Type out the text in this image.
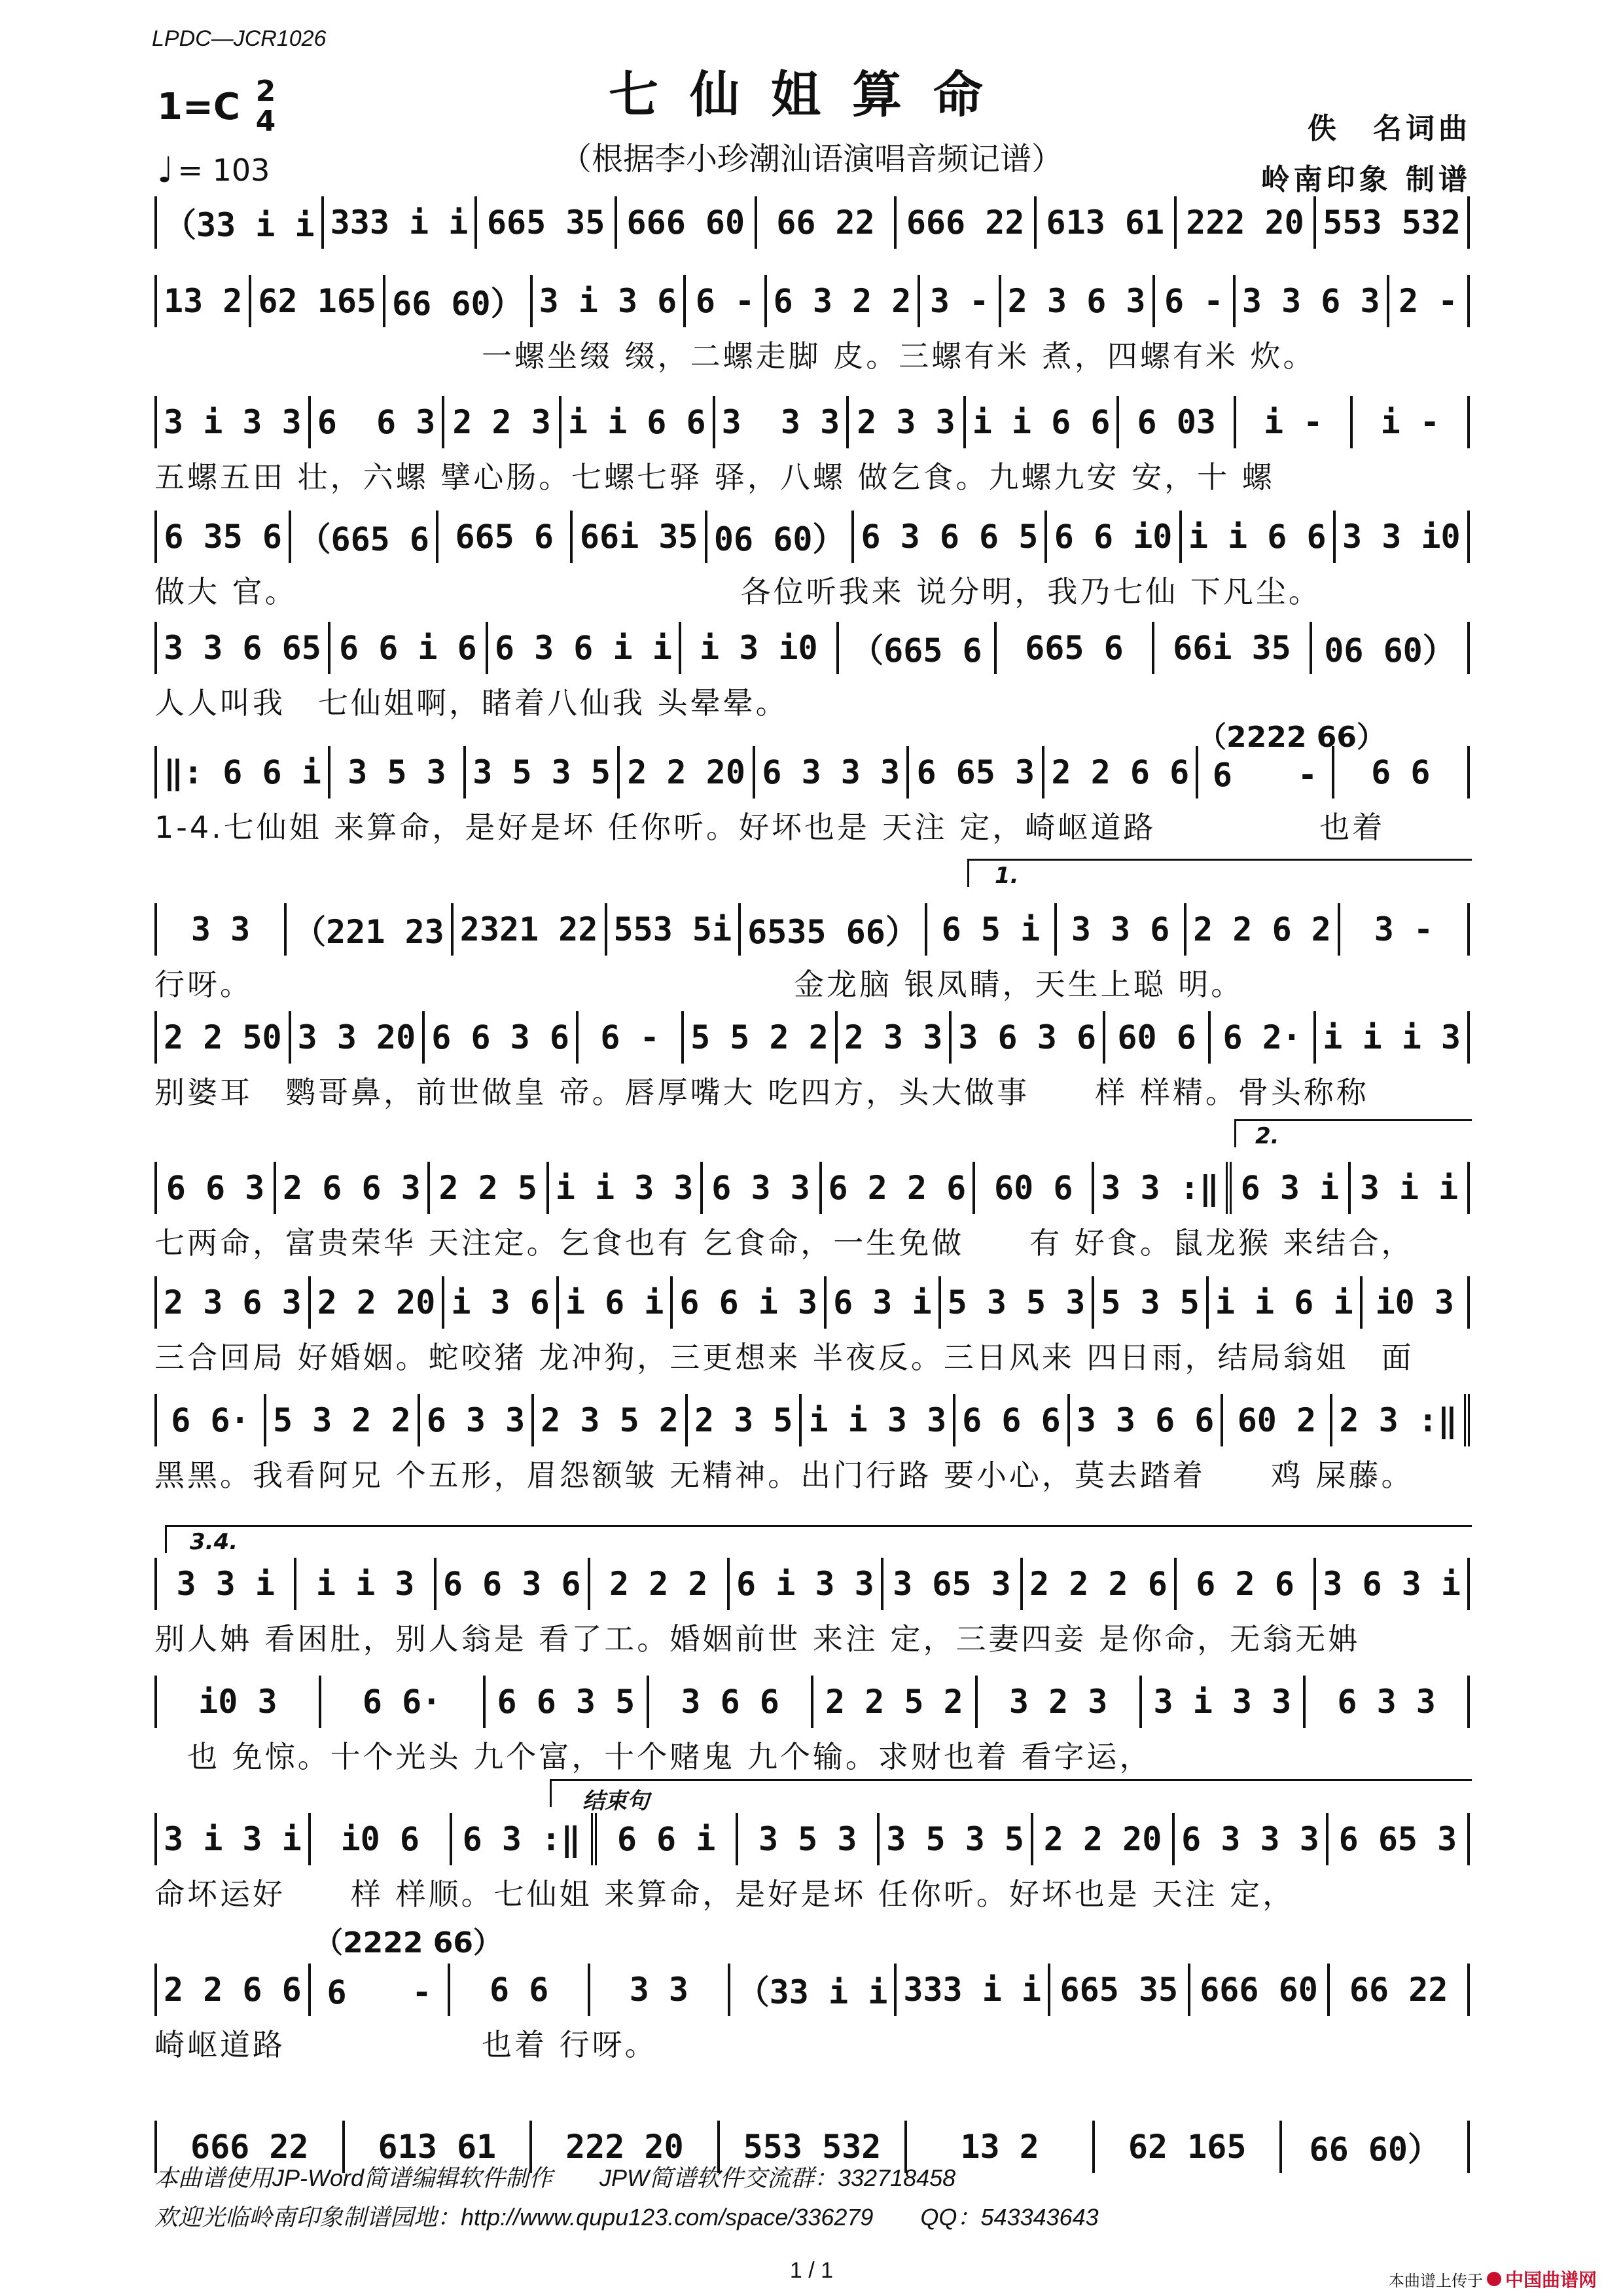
LPDC—JCR1026
$1=C \frac{2}{4}$
♩ = 103
七仙姐算命
（根据李小珍潮汕语演唱音频记谱）
佚　名词曲
岭南印象 制谱
（33 i i 333 i i 665 35 666 60 66 22 666 22 613 61 222 20 553 532
13 2 62 165 66 60） 3 i 3 6 6 - 6 3 2 2 3 - 2 3 6 3 6 - 3 3 6 3 2 -
　　　　　　　　　　一螺坐缀 缀，二螺走脚 皮。三螺有米 煮，四螺有米 炊。
3 i 3 3 6  6 3 2 2 3 i i 6 6 3  3 3 2 3 3 i i 6 6 6 03 i - i -
五螺五田 壮，六螺 擘心肠。七螺七驿 驿，八螺 做乞食。九螺九安 安，十 螺
6 35 6 （665 6 665 6 66i 35 06 60） 6 3 6 6 5 6 6 i0 i i 6 6 3 3 i0
做大 官。　　　　　　　　　　　　　　各位听我来 说分明，我乃七仙 下凡尘。
3 3 6 65 6 6 i 6 6 3 6 i i i 3 i0 （665 6 665 6 66i 35 06 60）
人人叫我　七仙姐啊，睹着八仙我 头晕晕。
‖: 6 6 i 3 5 3 3 5 3 5 2 2 20 6 3 3 3 6 65 3 2 2 6 6 6　　- 6 6
1-4.七仙姐 来算命，是好是坏 任你听。好坏也是 天注 定，崎岖道路　　　　　也着
3 3 （221 23 2321 22 553 5i 6535 66） 6 5 i 3 3 6 2 2 6 2 3 -
行呀。　　　　　　　　　　　　　　　　　金龙脑 银凤睛，天生上聪 明。
2 2 50 3 3 20 6 6 3 6 6 - 5 5 2 2 2 3 3 3 6 3 6 60 6 6 2· i i i 3
别婆耳　鹦哥鼻，前世做皇 帝。唇厚嘴大 吃四方，头大做事　　样 样精。骨头称称
6 6 3 2 6 6 3 2 2 5 i i 3 3 6 3 3 6 2 2 6 60 6 3 3 :‖ 6 3 i 3 i i
七两命，富贵荣华 天注定。乞食也有 乞食命，一生免做　　有 好食。鼠龙猴 来结合，
2 3 6 3 2 2 20 i 3 6 i 6 i 6 6 i 3 6 3 i 5 3 5 3 5 3 5 i i 6 i i0 3
三合回局 好婚姻。蛇咬猪 龙冲狗，三更想来 半夜反。三日风来 四日雨，结局翁姐　面
6 6· 5 3 2 2 6 3 3 2 3 5 2 2 3 5 i i 3 3 6 6 6 3 3 6 6 60 2 2 3 :‖
黑黑。我看阿兄 个五形，眉怨额皱 无精神。出门行路 要小心，莫去踏着　　鸡 屎藤。
3 3 i i i 3 6 6 3 6 2 2 2 6 i 3 3 3 65 3 2 2 2 6 6 2 6 3 6 3 i
别人姌 看困肚，别人翁是 看了工。婚姻前世 来注 定，三妻四妾 是你命，无翁无姌
i0 3	6 6· 6 6 3 5 3 6 6 2 2 5 2 3 2 3 3 i 3 3 6 3 3
　也 免惊。十个光头 九个富，十个赌鬼 九个输。求财也着 看字运，
3 i 3 i i0 6 6 3 :‖ 6 6 i 3 5 3 3 5 3 5 2 2 20 6 3 3 3 6 65 3
命坏运好　　样 样顺。七仙姐 来算命，是好是坏 任你听。好坏也是 天注 定，
2 2 6 6 6　　- 6 6 3 3 （33 i i 333 i i 665 35 666 60 66 22
崎岖道路　　　　　　也着 行呀。
666 22 613 61 222 20 553 532 13 2	62 165 66 60）
（2222 66）
1.
2.
3.4.
结束句
（2222 66）
本曲谱使用JP-Word简谱编辑软件制作　　JPW简谱软件交流群：332718458
欢迎光临岭南印象制谱园地：http://www.qupu123.com/space/336279　　QQ：543343643
1 / 1	本曲谱上传于 中国曲谱网
